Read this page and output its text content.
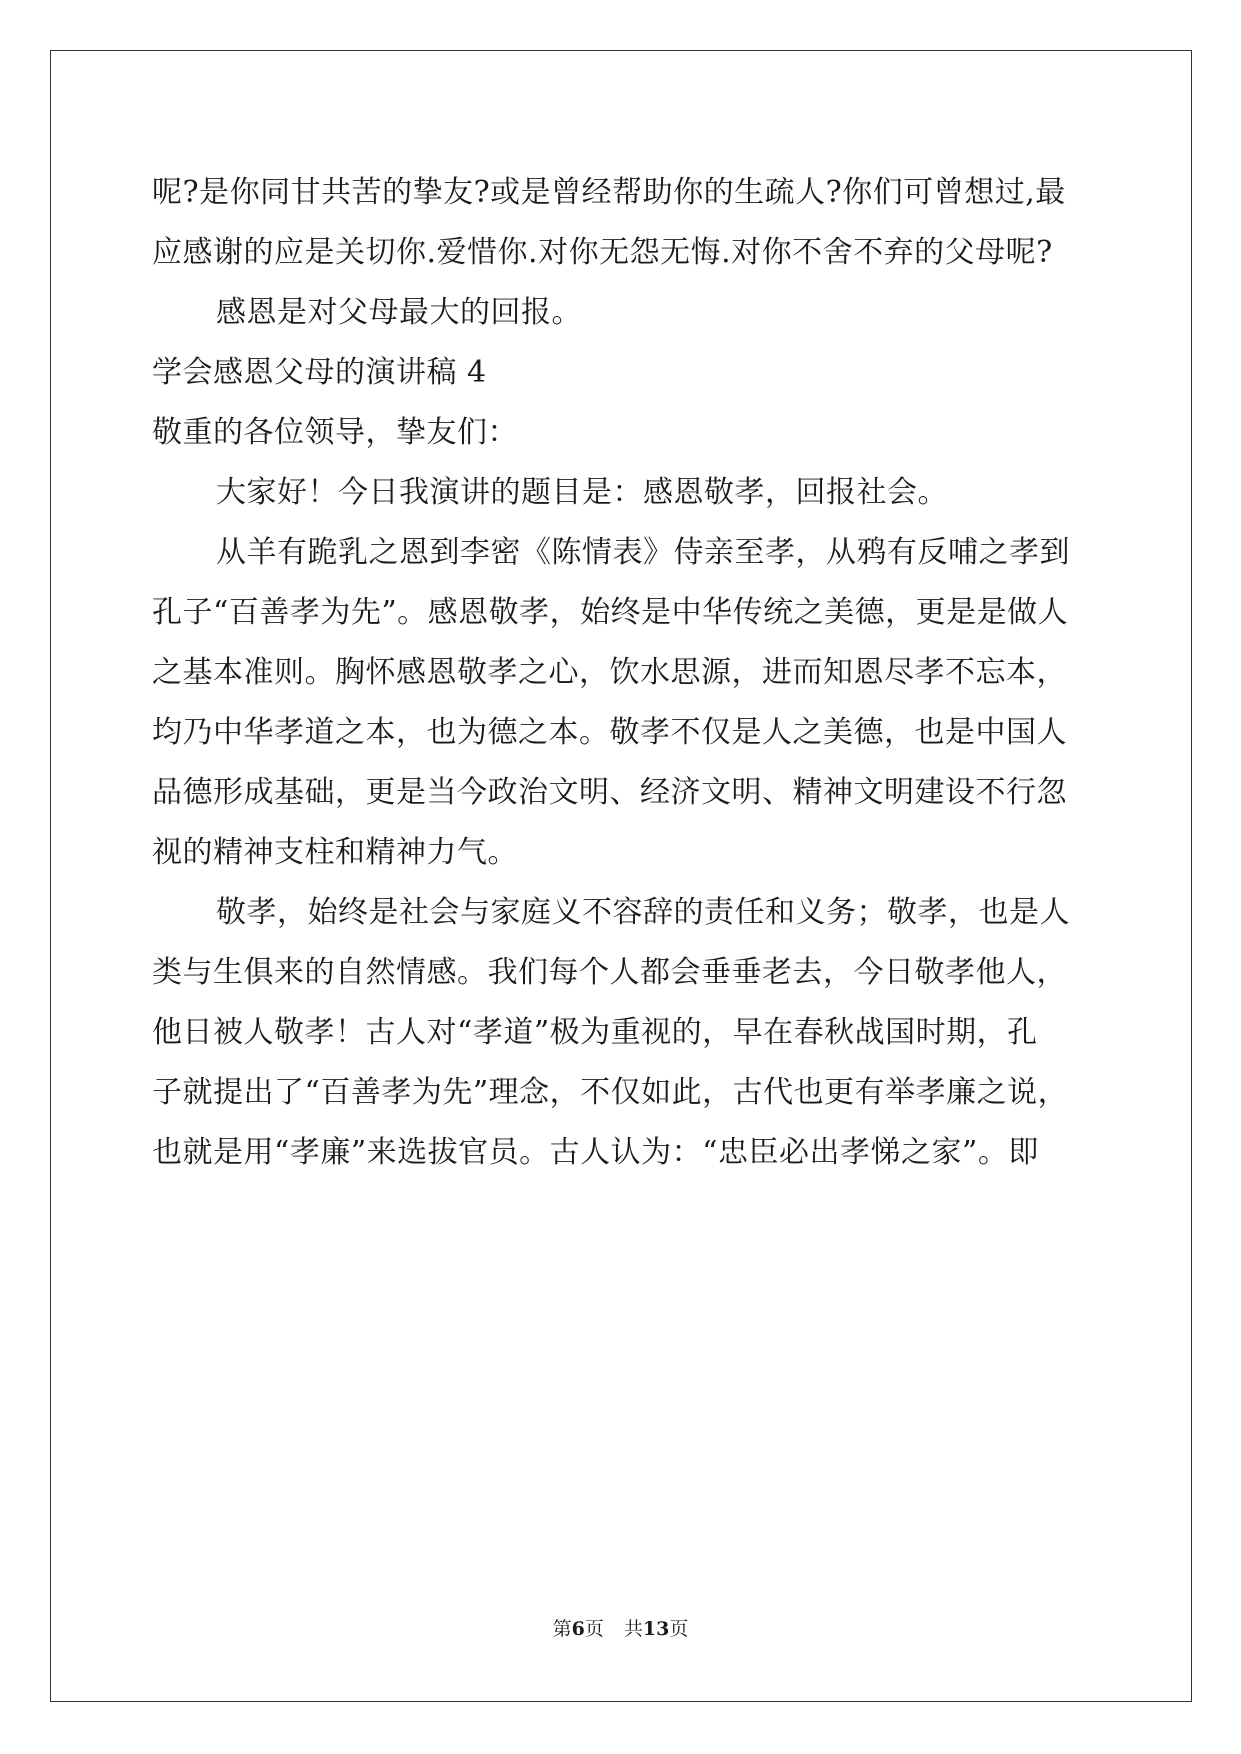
呢?是你同甘共苦的挚友?或是曾经帮助你的生疏人?你们可曾想过,最

应感谢的应是关切你.爱惜你.对你无怨无悔.对你不舍不弃的父母呢?

感恩是对父母最大的回报。

学会感恩父母的演讲稿 4

敬重的各位领导，挚友们：

大家好！今日我演讲的题目是：感恩敬孝，回报社会。

从羊有跪乳之恩到李密《陈情表》侍亲至孝，从鸦有反哺之孝到

孔子“百善孝为先”。感恩敬孝，始终是中华传统之美德，更是是做人

之基本准则。胸怀感恩敬孝之心，饮水思源，进而知恩尽孝不忘本，

均乃中华孝道之本，也为德之本。敬孝不仅是人之美德，也是中国人

品德形成基础，更是当今政治文明、经济文明、精神文明建设不行忽

视的精神支柱和精神力气。

敬孝，始终是社会与家庭义不容辞的责任和义务；敬孝，也是人

类与生俱来的自然情感。我们每个人都会垂垂老去，今日敬孝他人，

他日被人敬孝！古人对“孝道”极为重视的，早在春秋战国时期，孔

子就提出了“百善孝为先”理念，不仅如此，古代也更有举孝廉之说，

也就是用“孝廉”来选拔官员。古人认为：“忠臣必出孝悌之家”。即

第6页 共13页
